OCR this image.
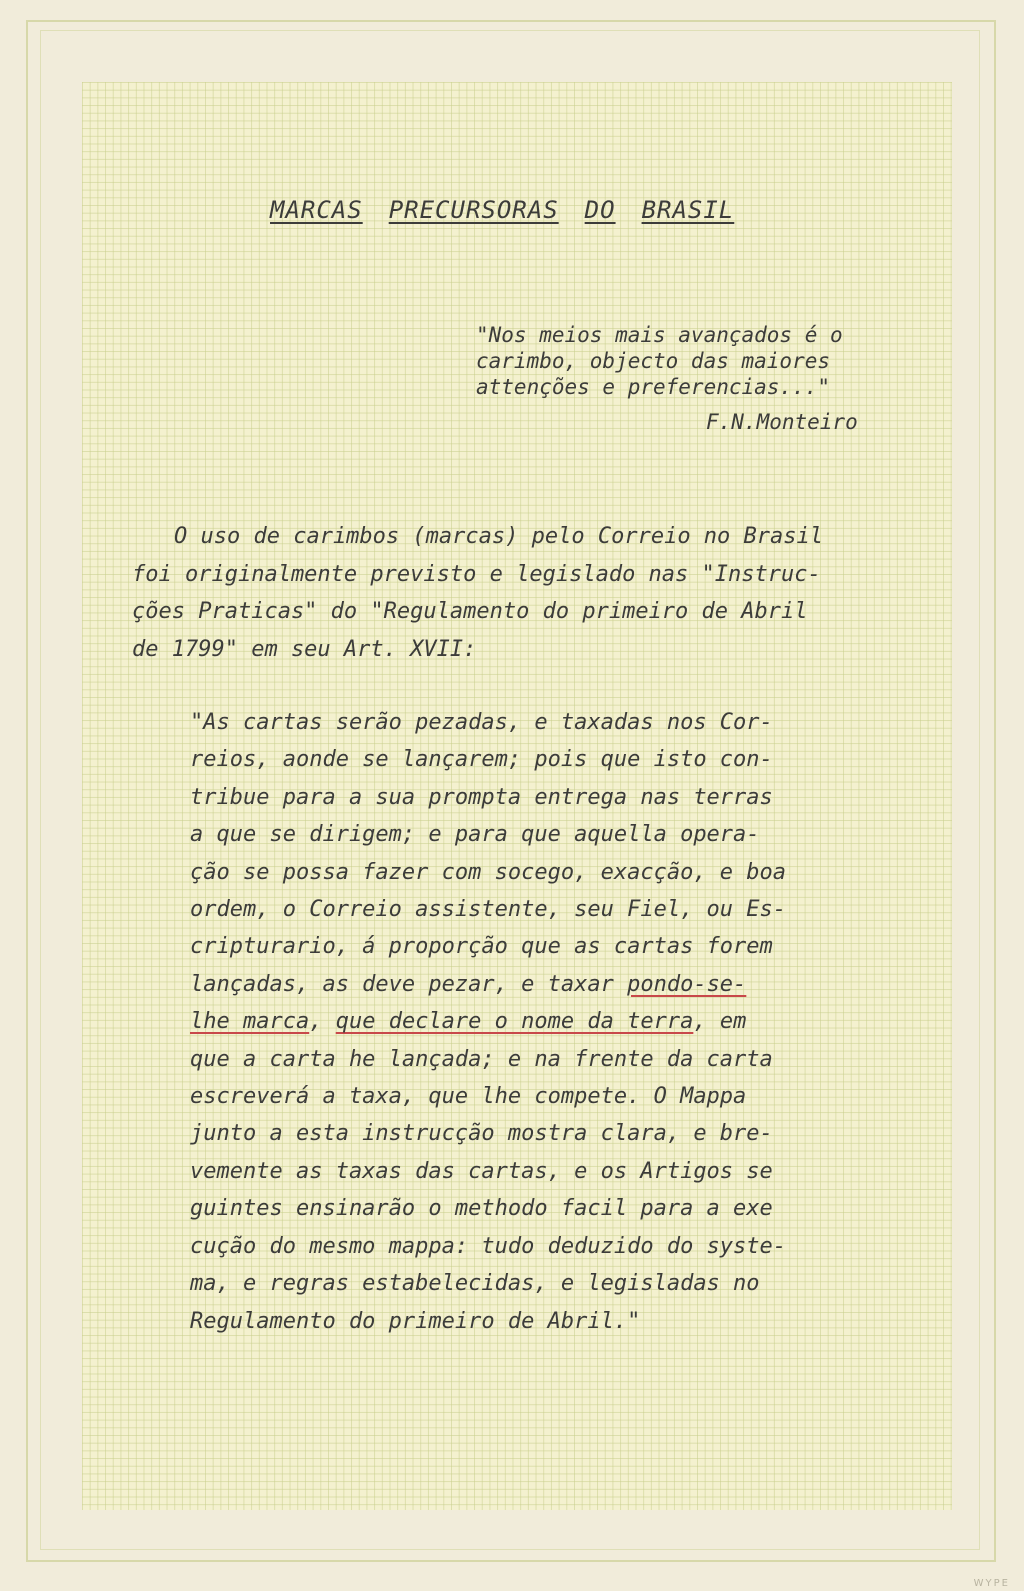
MARCAS PRECURSORAS DO BRASIL
"Nos meios mais avançados é o
carimbo, objecto das maiores
attenções e preferencias..."
F.N.Monteiro
O uso de carimbos (marcas) pelo Correio no Brasil
foi originalmente previsto e legislado nas "Instruc-
ções Praticas" do "Regulamento do primeiro de Abril
de 1799" em seu Art. XVII:
"As cartas serão pezadas, e taxadas nos Cor-
reios, aonde se lançarem; pois que isto con-
tribue para a sua prompta entrega nas terras
a que se dirigem; e para que aquella opera-
ção se possa fazer com socego, exacção, e boa
ordem, o Correio assistente, seu Fiel, ou Es-
cripturario, á proporção que as cartas forem
lançadas, as deve pezar, e taxar pondo-se-
lhe marca, que declare o nome da terra, em
que a carta he lançada; e na frente da carta
escreverá a taxa, que lhe compete. O Mappa
junto a esta instrucção mostra clara, e bre-
vemente as taxas das cartas, e os Artigos se
guintes ensinarão o methodo facil para a exe
cução do mesmo mappa: tudo deduzido do syste-
ma, e regras estabelecidas, e legisladas no
Regulamento do primeiro de Abril."
WYPE
